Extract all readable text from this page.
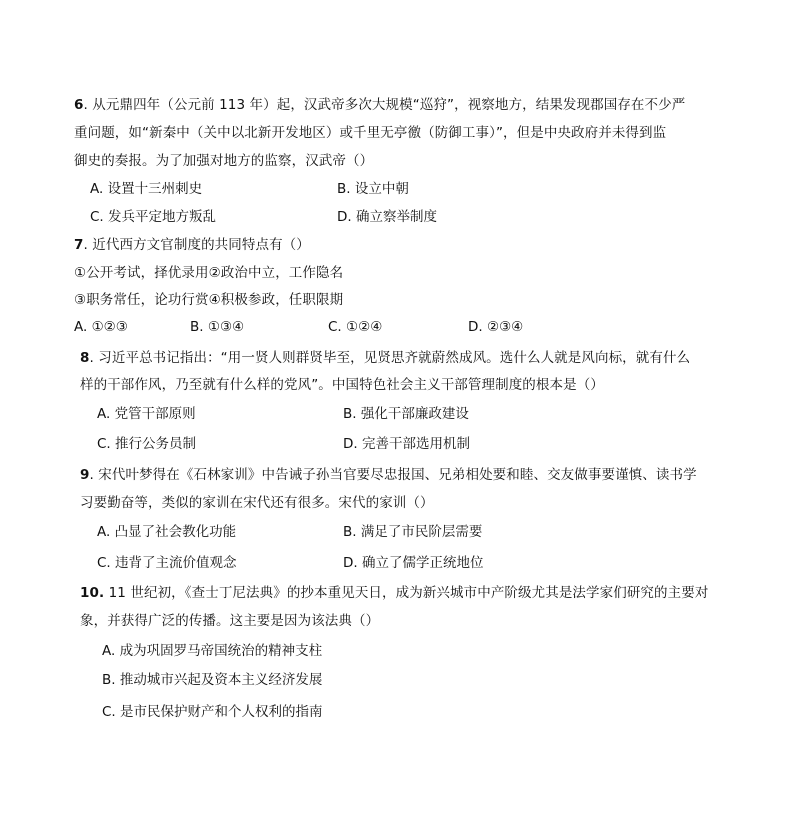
6. 从元鼎四年（公元前 113 年）起，汉武帝多次大规模“巡狩”，视察地方，结果发现郡国存在不少严
重问题，如“新秦中（关中以北新开发地区）或千里无亭徼（防御工事）”，但是中央政府并未得到监
御史的奏报。为了加强对地方的监察，汉武帝（）
A. 设置十三州刺史	B. 设立中朝
C. 发兵平定地方叛乱	D. 确立察举制度
7. 近代西方文官制度的共同特点有（）
①公开考试，择优录用②政治中立，工作隐名
③职务常任，论功行赏④积极参政，任职限期
A. ①②③	B. ①③④	C. ①②④	D. ②③④
8. 习近平总书记指出：“用一贤人则群贤毕至，见贤思齐就蔚然成风。选什么人就是风向标，就有什么
样的干部作风，乃至就有什么样的党风”。中国特色社会主义干部管理制度的根本是（）
A. 党管干部原则	B. 强化干部廉政建设
C. 推行公务员制	D. 完善干部选用机制
9. 宋代叶梦得在《石林家训》中告诫子孙当官要尽忠报国、兄弟相处要和睦、交友做事要谨慎、读书学
习要勤奋等，类似的家训在宋代还有很多。宋代的家训（）
A. 凸显了社会教化功能	B. 满足了市民阶层需要
C. 违背了主流价值观念	D. 确立了儒学正统地位
10. 11 世纪初，《查士丁尼法典》的抄本重见天日，成为新兴城市中产阶级尤其是法学家们研究的主要对
象，并获得广泛的传播。这主要是因为该法典（）
A. 成为巩固罗马帝国统治的精神支柱
B. 推动城市兴起及资本主义经济发展
C. 是市民保护财产和个人权利的指南
